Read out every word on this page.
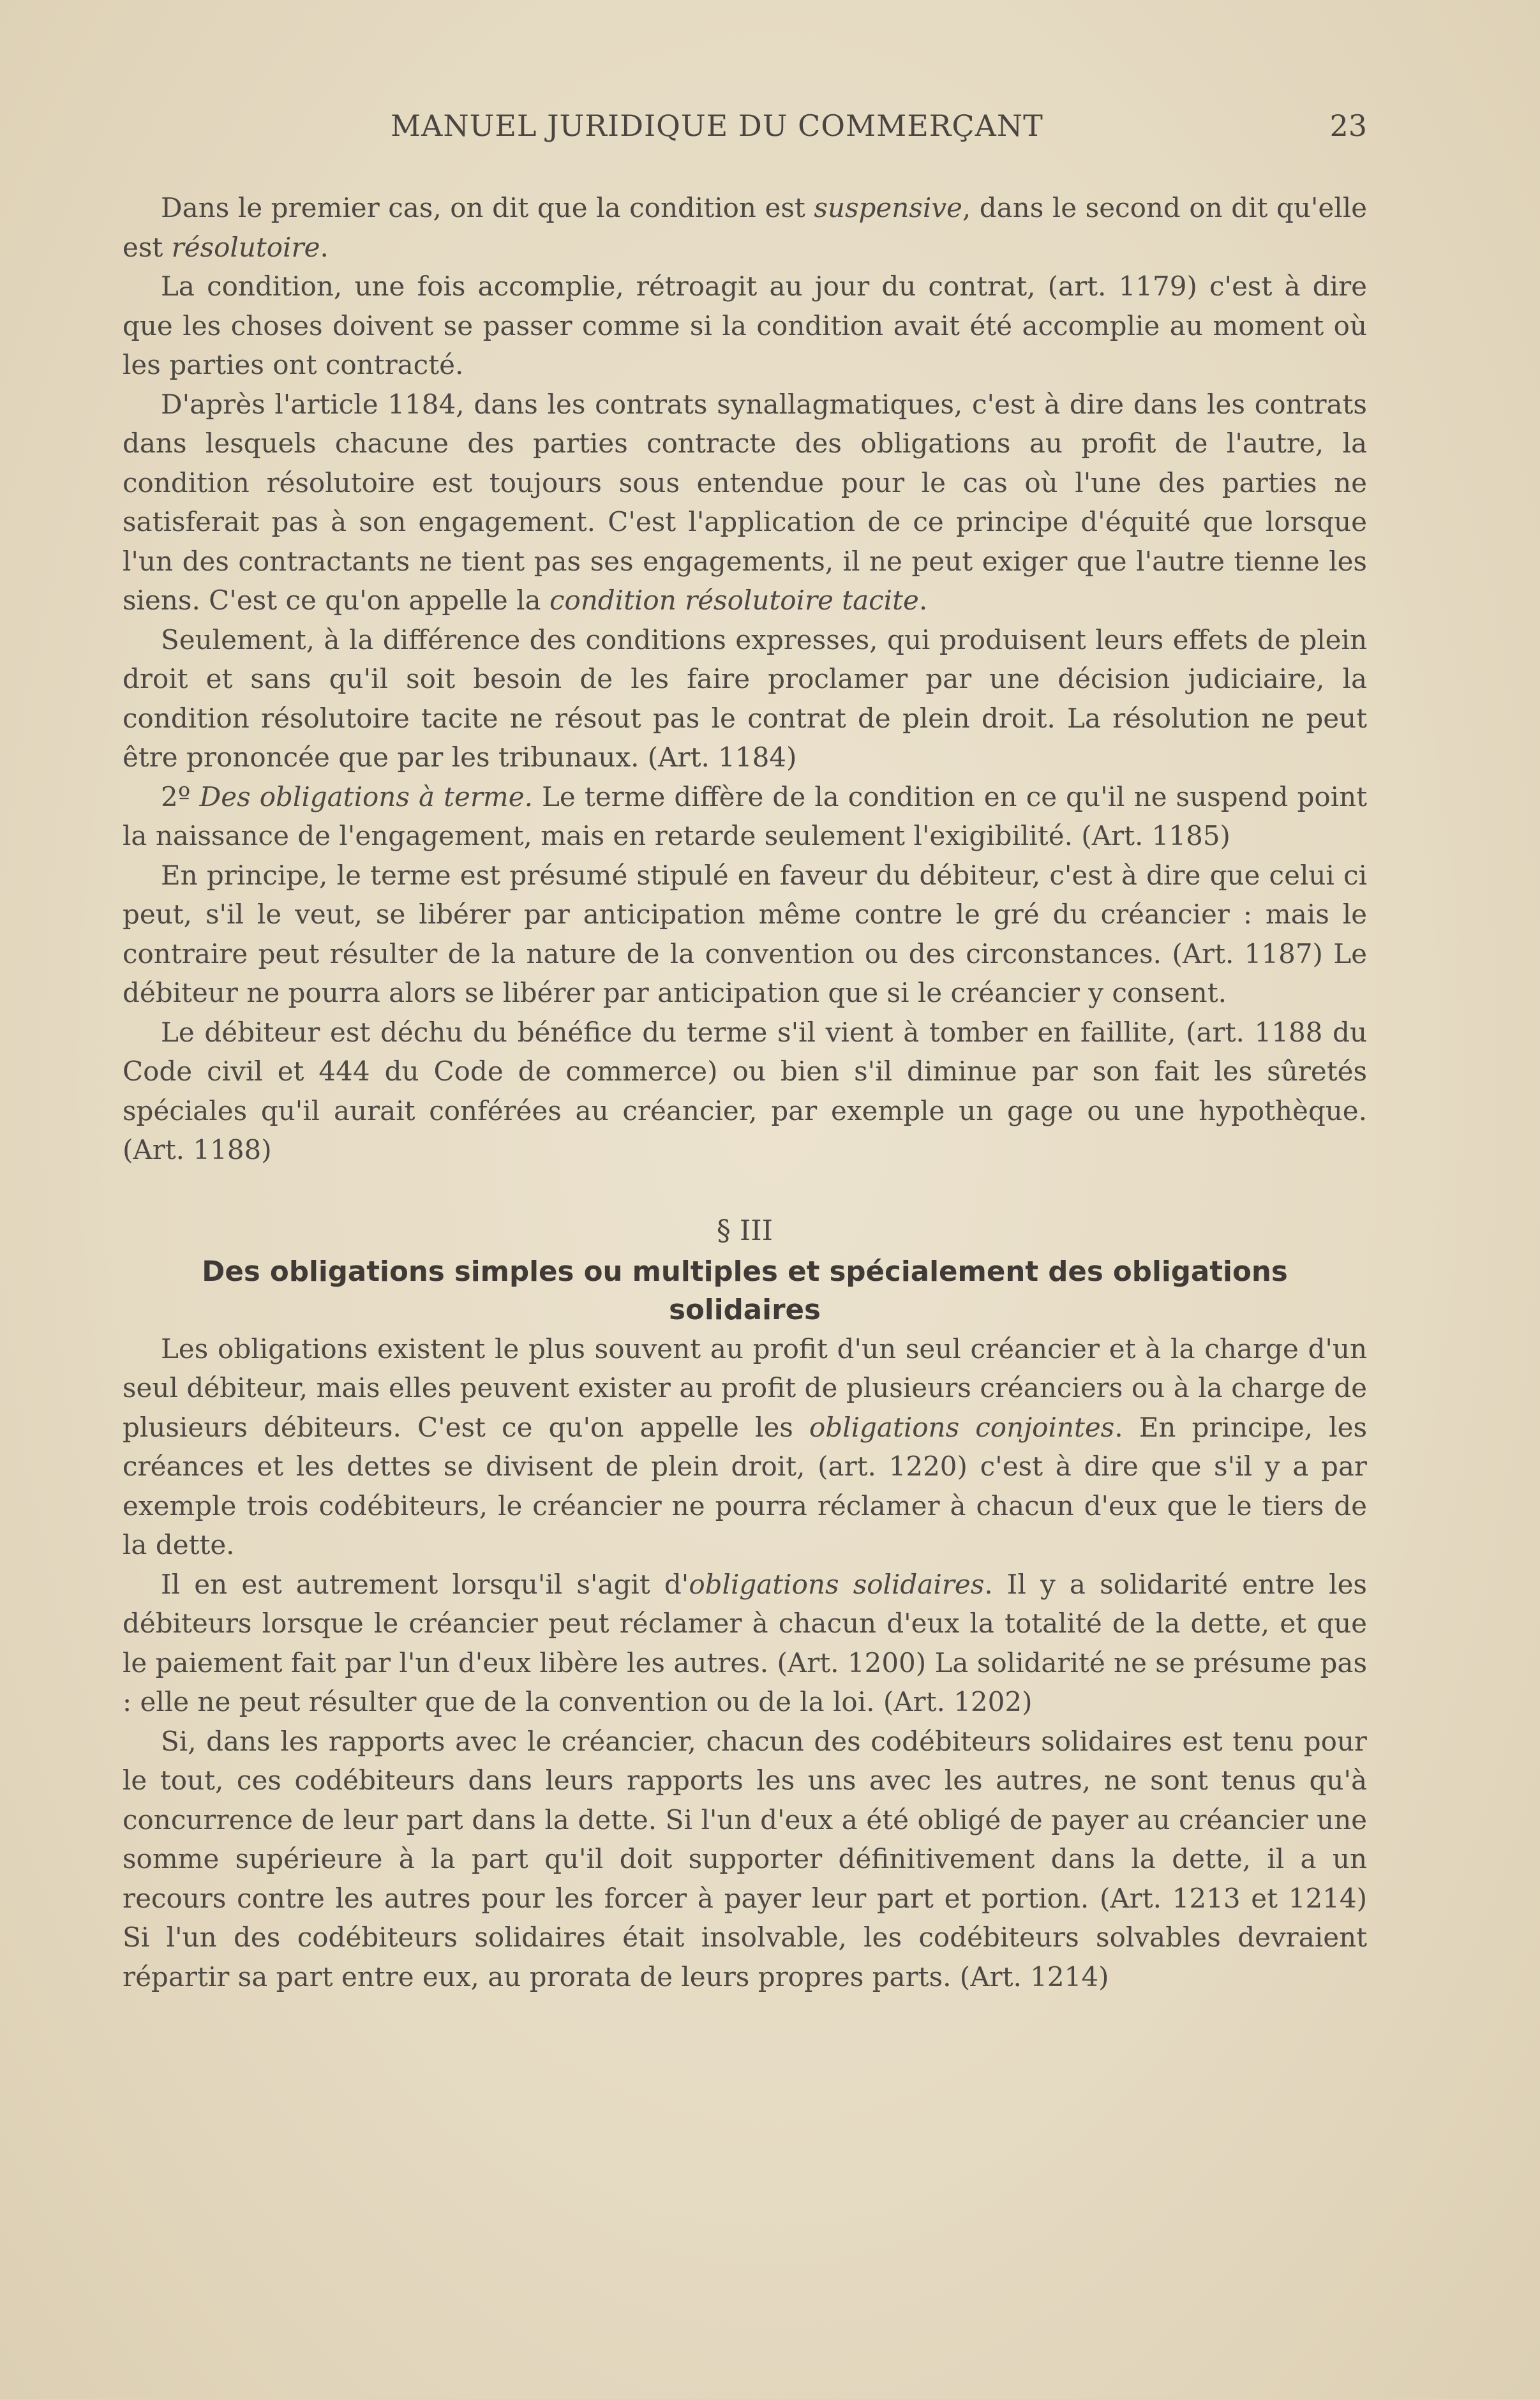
MANUEL JURIDIQUE DU COMMERÇANT	23

Dans le premier cas, on dit que la condition est suspensive, dans le second on dit qu'elle est résolutoire.

La condition, une fois accomplie, rétroagit au jour du contrat, (art. 1179) c'est à dire que les choses doivent se passer comme si la condition avait été accomplie au moment où les parties ont contracté.

D'après l'article 1184, dans les contrats synallagmatiques, c'est à dire dans les contrats dans lesquels chacune des parties contracte des obligations au profit de l'autre, la condition résolutoire est toujours sous entendue pour le cas où l'une des parties ne satisferait pas à son engagement. C'est l'application de ce principe d'équité que lorsque l'un des contractants ne tient pas ses engagements, il ne peut exiger que l'autre tienne les siens. C'est ce qu'on appelle la condition résolutoire tacite.

Seulement, à la différence des conditions expresses, qui produisent leurs effets de plein droit et sans qu'il soit besoin de les faire proclamer par une décision judiciaire, la condition résolutoire tacite ne résout pas le contrat de plein droit. La résolution ne peut être prononcée que par les tribunaux. (Art. 1184)

2º Des obligations à terme. Le terme diffère de la condition en ce qu'il ne suspend point la naissance de l'engagement, mais en retarde seulement l'exigibilité. (Art. 1185)

En principe, le terme est présumé stipulé en faveur du débiteur, c'est à dire que celui ci peut, s'il le veut, se libérer par anticipation même contre le gré du créancier : mais le contraire peut résulter de la nature de la convention ou des circonstances. (Art. 1187) Le débiteur ne pourra alors se libérer par anticipation que si le créancier y consent.

Le débiteur est déchu du bénéfice du terme s'il vient à tomber en faillite, (art. 1188 du Code civil et 444 du Code de commerce) ou bien s'il diminue par son fait les sûretés spéciales qu'il aurait conférées au créancier, par exemple un gage ou une hypothèque. (Art. 1188)

§ III

Des obligations simples ou multiples et spécialement des obligations solidaires

Les obligations existent le plus souvent au profit d'un seul créancier et à la charge d'un seul débiteur, mais elles peuvent exister au profit de plusieurs créanciers ou à la charge de plusieurs débiteurs. C'est ce qu'on appelle les obligations conjointes. En principe, les créances et les dettes se divisent de plein droit, (art. 1220) c'est à dire que s'il y a par exemple trois codébiteurs, le créancier ne pourra réclamer à chacun d'eux que le tiers de la dette.

Il en est autrement lorsqu'il s'agit d'obligations solidaires. Il y a solidarité entre les débiteurs lorsque le créancier peut réclamer à chacun d'eux la totalité de la dette, et que le paiement fait par l'un d'eux libère les autres. (Art. 1200) La solidarité ne se présume pas : elle ne peut résulter que de la convention ou de la loi. (Art. 1202)

Si, dans les rapports avec le créancier, chacun des codébiteurs solidaires est tenu pour le tout, ces codébiteurs dans leurs rapports les uns avec les autres, ne sont tenus qu'à concurrence de leur part dans la dette. Si l'un d'eux a été obligé de payer au créancier une somme supérieure à la part qu'il doit supporter définitivement dans la dette, il a un recours contre les autres pour les forcer à payer leur part et portion. (Art. 1213 et 1214) Si l'un des codébiteurs solidaires était insolvable, les codébiteurs solvables devraient répartir sa part entre eux, au prorata de leurs propres parts. (Art. 1214)
